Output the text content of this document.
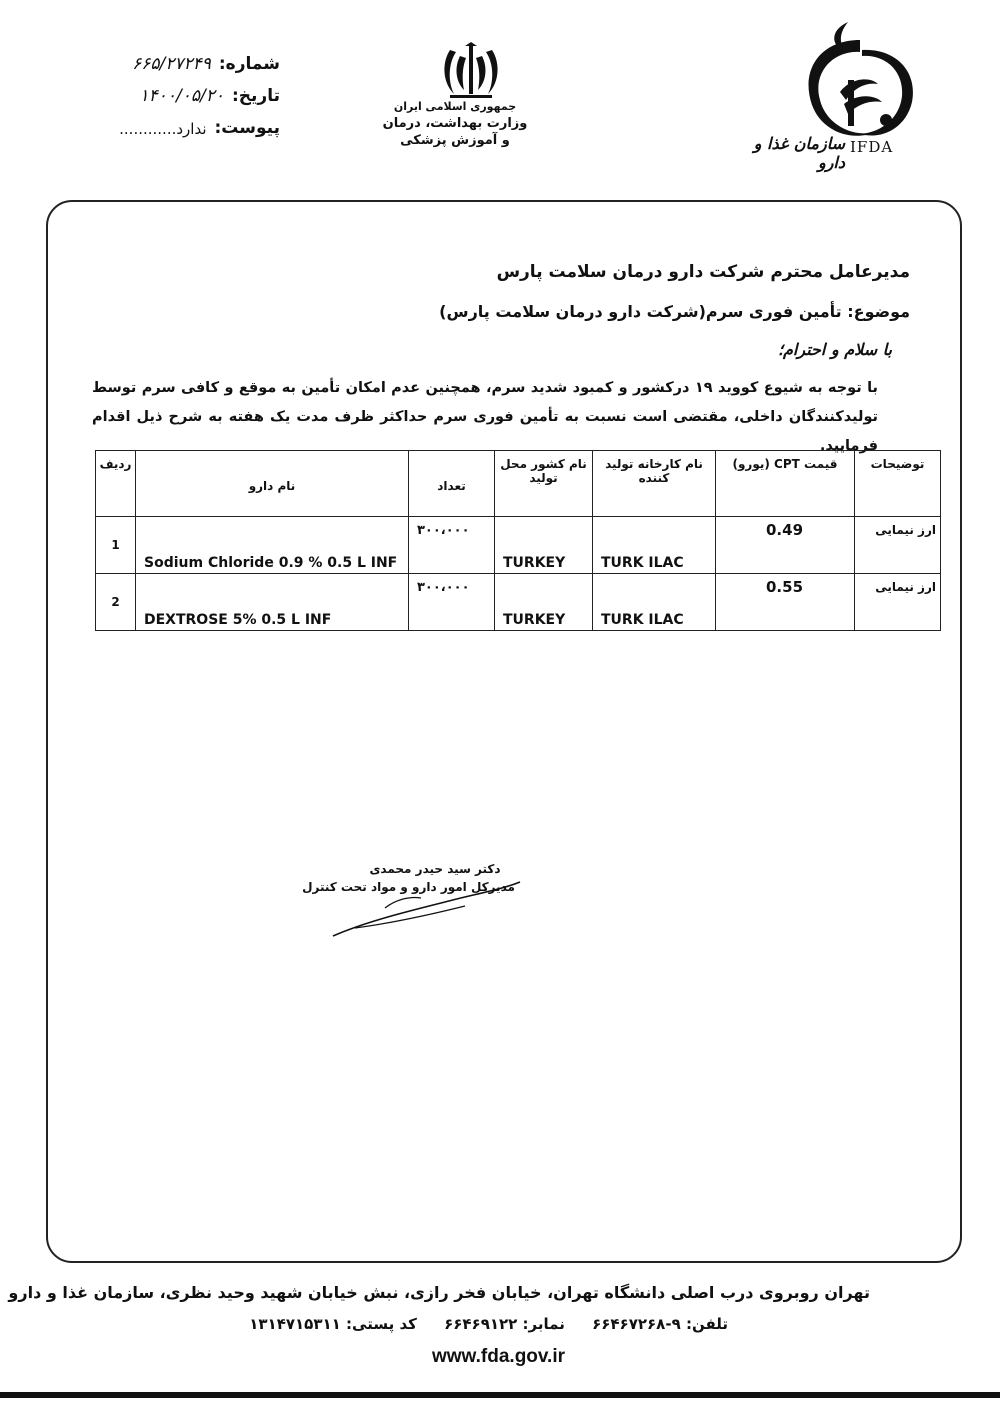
شماره:
۶۶۵/۲۷۲۴۹
تاریخ:
۱۴۰۰/۰۵/۲۰
پیوست:
ندارد............
جمهوری اسلامی ایران
وزارت بهداشت، درمان
و آموزش پزشکی	سازمان غذا و دارو
IFDA
مدیرعامل محترم شرکت دارو درمان سلامت پارس
موضوع: تأمین فوری سرم(شرکت دارو درمان سلامت پارس)
با سلام و احترام؛
با توجه به شیوع کووید ۱۹ درکشور و کمبود شدید سرم، همچنین عدم امکان تأمین به موقع و کافی سرم توسط تولیدکنندگان داخلی، مقتضی است نسبت به تأمین فوری سرم حداکثر ظرف مدت یک هفته به شرح ذیل اقدام فرمایید.
توضیحات	قیمت CPT (یورو)	نام کارخانه تولید کننده	نام کشور محل تولید	تعداد	نام دارو	ردیف

ارز نیمایی	0.49	TURK ILAC	TURKEY	۳۰۰،۰۰۰	Sodium Chloride 0.9 % 0.5 L INF	1

ارز نیمایی	0.55	TURK ILAC	TURKEY	۳۰۰،۰۰۰	DEXTROSE 5% 0.5 L INF	2
دکتر سید حیدر محمدی
مدیرکل امور دارو و مواد تحت کنترل
تهران روبروی درب اصلی دانشگاه تهران، خیابان فخر رازی، نبش خیابان شهید وحید نظری، سازمان غذا و دارو
تلفن: ۹-۶۶۴۶۷۲۶۸ نمابر: ۶۶۴۶۹۱۲۲ کد پستی: ۱۳۱۴۷۱۵۳۱۱
www.fda.gov.ir
